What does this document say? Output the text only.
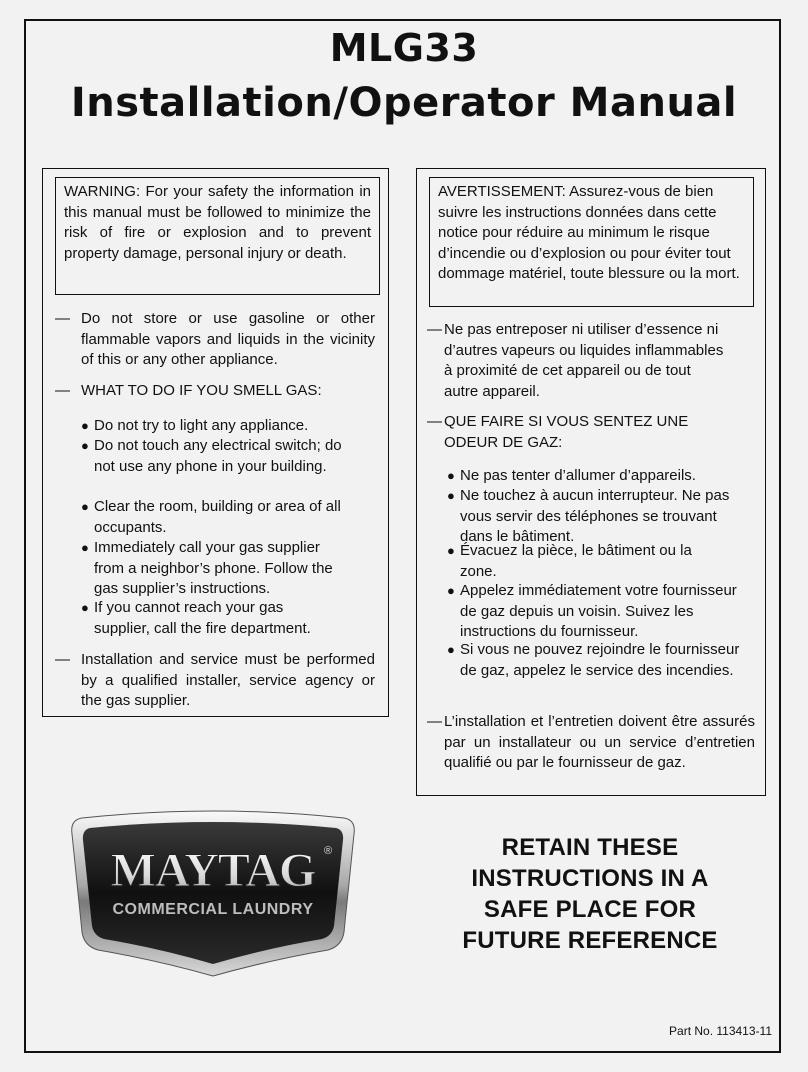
MLG33
Installation/Operator Manual
WARNING: For your safety the information in this manual must be followed to minimize the risk of fire or explosion and to prevent property damage, personal injury or death.
— Do not store or use gasoline or other flammable vapors and liquids in the vicinity of this or any other appliance.
— WHAT TO DO IF YOU SMELL GAS:
● Do not try to light any appliance.
● Do not touch any electrical switch; do not use any phone in your building.
● Clear the room, building or area of all occupants.
● Immediately call your gas supplier from a neighbor’s phone. Follow the gas supplier’s instructions.
● If you cannot reach your gas supplier, call the fire department.
— Installation and service must be performed by a qualified installer, service agency or the gas supplier.
AVERTISSEMENT: Assurez-vous de bien suivre les instructions données dans cette notice pour réduire au minimum le risque d’incendie ou d’explosion ou pour éviter tout dommage matériel, toute blessure ou la mort.
— Ne pas entreposer ni utiliser d’essence ni d’autres vapeurs ou liquides inflammables à proximité de cet appareil ou de tout autre appareil.
— QUE FAIRE SI VOUS SENTEZ UNE ODEUR DE GAZ:
● Ne pas tenter d’allumer d’appareils.
● Ne touchez à aucun interrupteur. Ne pas vous servir des téléphones se trouvant dans le bâtiment.
● Évacuez la pièce, le bâtiment ou la zone.
● Appelez immédiatement votre fournisseur de gaz depuis un voisin. Suivez les instructions du fournisseur.
● Si vous ne pouvez rejoindre le fournisseur de gaz, appelez le service des incendies.
— L’installation et l’entretien doivent être assurés par un installateur ou un service d’entretien qualifié ou par le fournisseur de gaz.
MAYTAG ®
COMMERCIAL LAUNDRY
RETAIN THESE
INSTRUCTIONS IN A
SAFE PLACE FOR
FUTURE REFERENCE
Part No. 113413-11
